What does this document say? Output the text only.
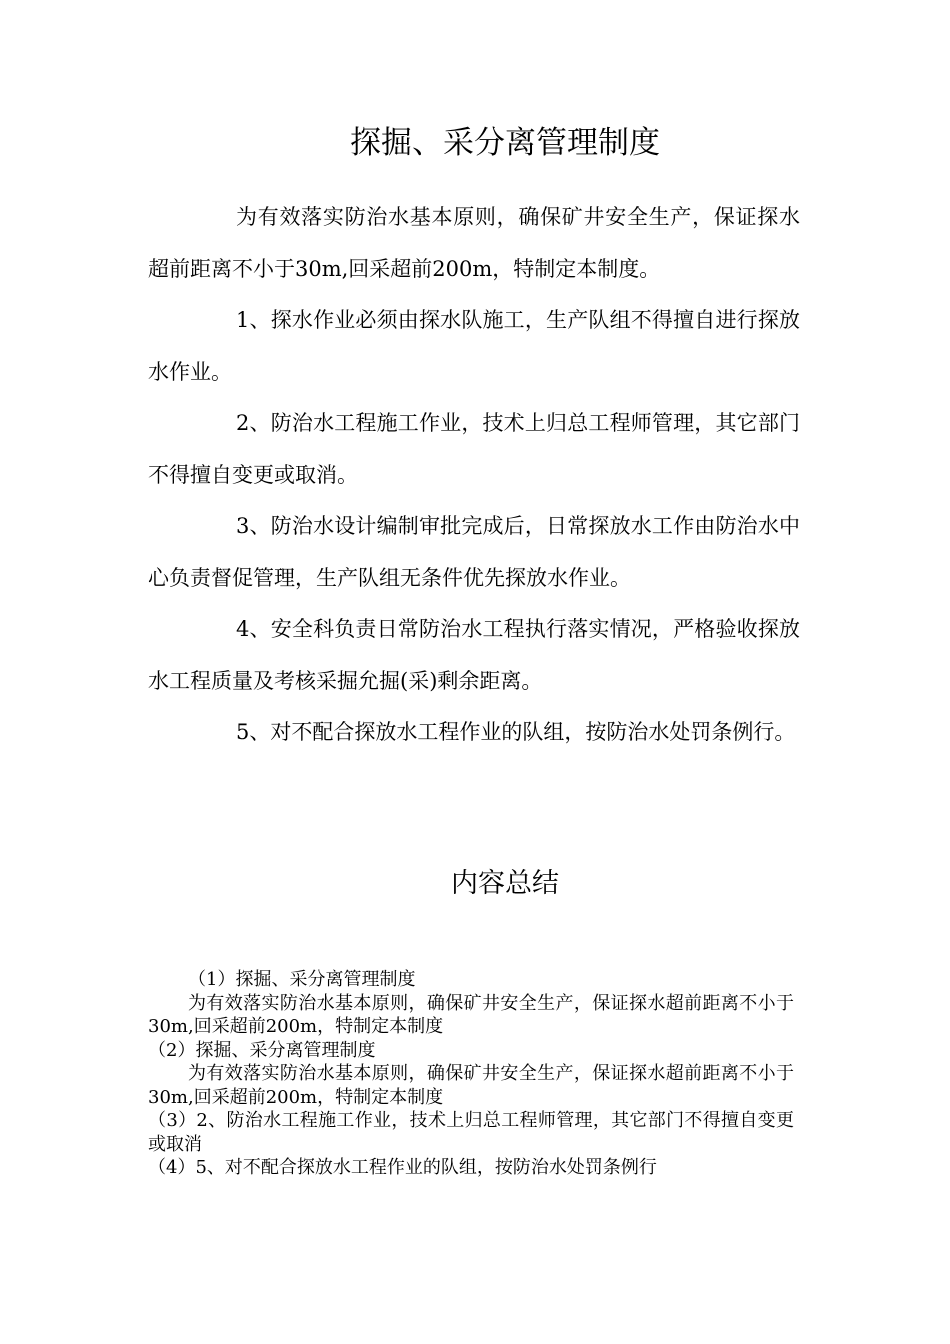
探掘、采分离管理制度

为有效落实防治水基本原则，确保矿井安全生产，保证探水超前距离不小于30m,回采超前200m，特制定本制度。

1、探水作业必须由探水队施工，生产队组不得擅自进行探放水作业。

2、防治水工程施工作业，技术上归总工程师管理，其它部门不得擅自变更或取消。

3、防治水设计编制审批完成后，日常探放水工作由防治水中心负责督促管理，生产队组无条件优先探放水作业。

4、安全科负责日常防治水工程执行落实情况，严格验收探放水工程质量及考核采掘允掘(采)剩余距离。

5、对不配合探放水工程作业的队组，按防治水处罚条例行。

内容总结

（1）探掘、采分离管理制度

为有效落实防治水基本原则，确保矿井安全生产，保证探水超前距离不小于30m,回采超前200m，特制定本制度

（2）探掘、采分离管理制度

为有效落实防治水基本原则，确保矿井安全生产，保证探水超前距离不小于30m,回采超前200m，特制定本制度

（3）2、防治水工程施工作业，技术上归总工程师管理，其它部门不得擅自变更或取消

（4）5、对不配合探放水工程作业的队组，按防治水处罚条例行
